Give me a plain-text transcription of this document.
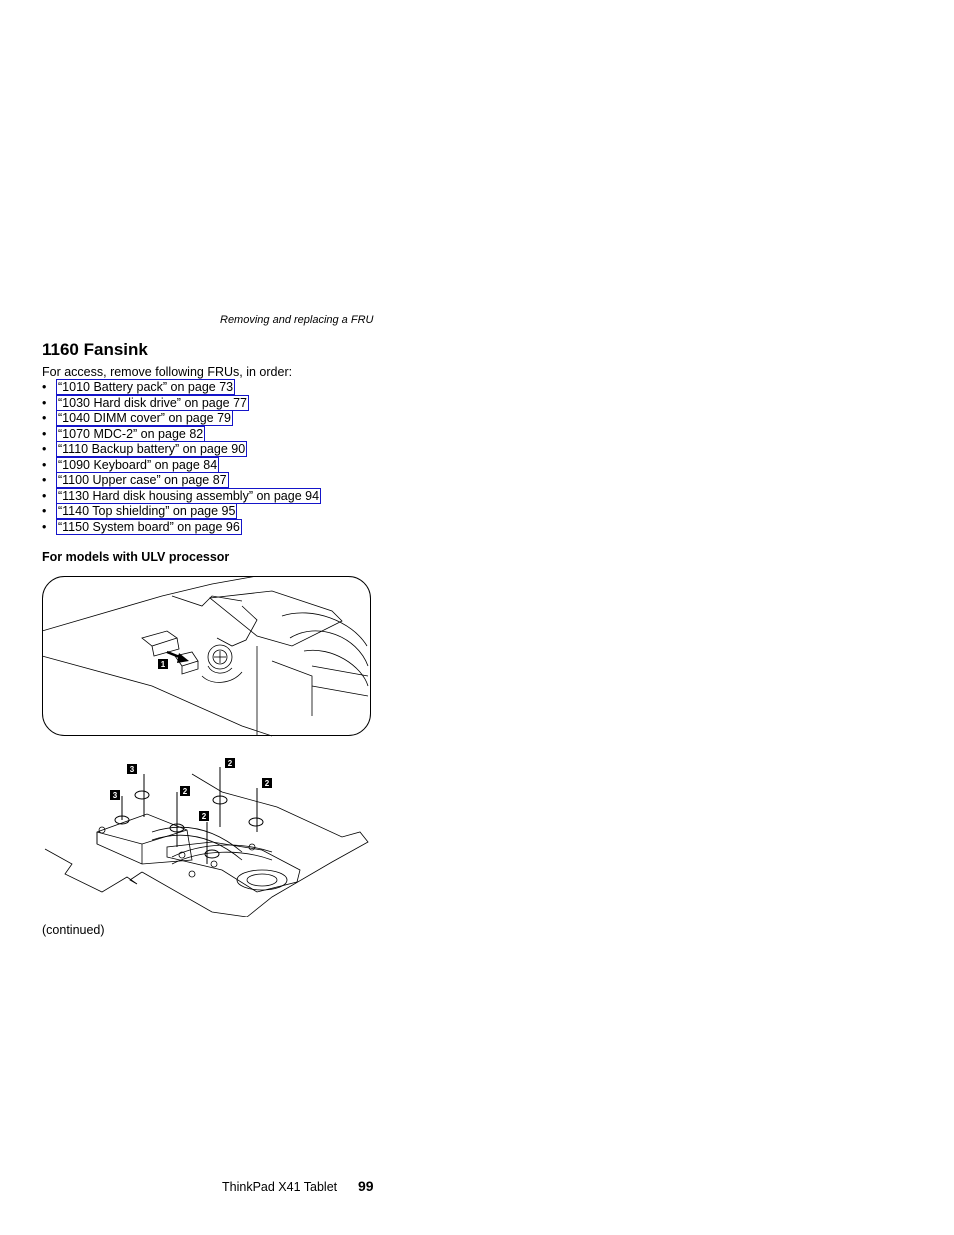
Removing and replacing a FRU
1160 Fansink
For access, remove following FRUs, in order:
• “1010 Battery pack” on page 73
• “1030 Hard disk drive” on page 77
• “1040 DIMM cover” on page 79
• “1070 MDC-2” on page 82
• “1110 Backup battery” on page 90
• “1090 Keyboard” on page 84
• “1100 Upper case” on page 87
• “1130 Hard disk housing assembly” on page 94
• “1140 Top shielding” on page 95
• “1150 System board” on page 96
For models with ULV processor
1
3
3	2
2
2
2
(continued)
ThinkPad X41 Tablet 99
